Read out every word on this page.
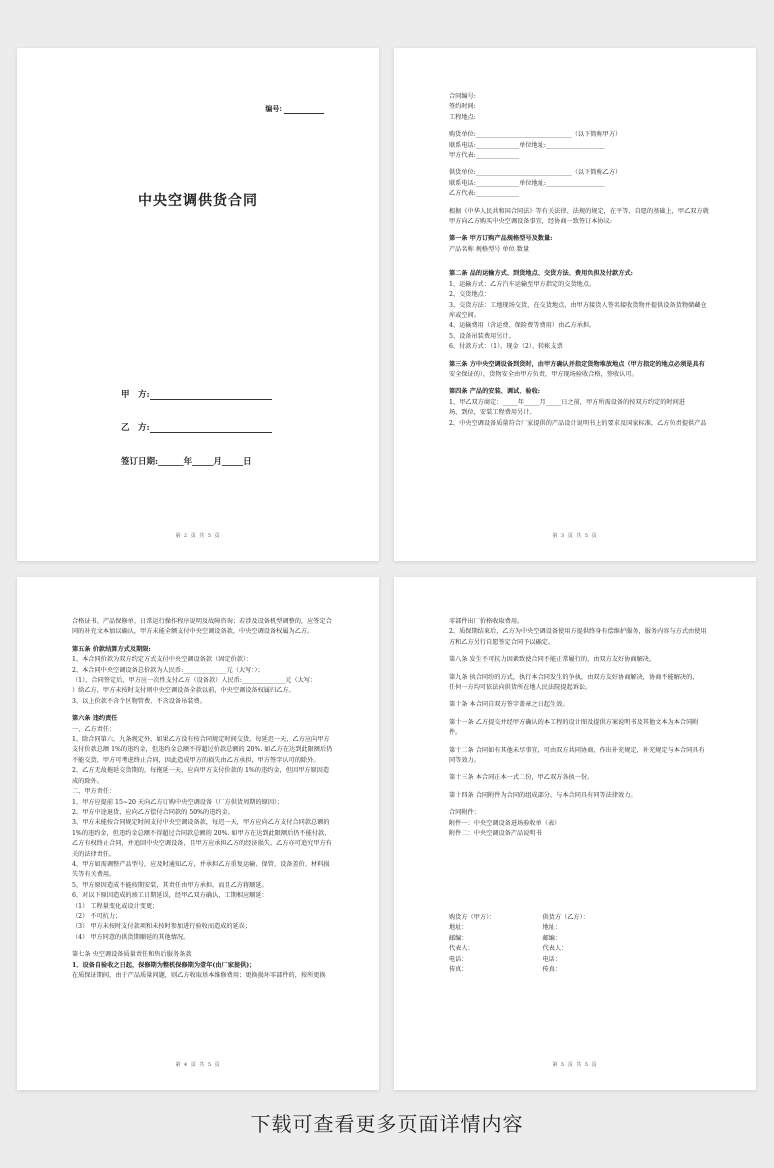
编号:
中央空调供货合同
甲　方:
乙　方:
签订日期:______年_____月_____日
第 2 页 共 5 页
合同编号:
签约时间:
工程地点:
购货单位:_______________________________（以下简称甲方）
联系电话:______________单位地址:___________________
甲方代表:______________
供货单位:_______________________________（以下简称乙方）
联系电话:______________单位地址:___________________
乙方代表:______________
根据《中华人民共和国合同法》等有关法律、法规的规定，在平等、自愿的基础上，甲乙双方就
甲方向乙方购买中央空调设备事宜，经协商一致签订本协议:
第一条 甲方订购产品规格型号及数量:
产品名称 规格型号 单位 数量
第二条 品的运输方式、到货地点、交货方法、费用负担及付款方式:
1、运输方式：乙方汽车运输至甲方指定的交货地点。
2、交货地点：
3、交货方法：工地现场交货，在交货地点，由甲方接货人签名接收货物并提供设备货物储藏仓
库或空间。
4、运输费用（含运费、保险费等费用）由乙方承担。
5、设备吊装费用另计。
6、付款方式：（1）、现金（2）、转帐支票
第三条 方中央空调设备到货时，由甲方确认并指定货物堆放地点（甲方指定的地点必须是具有
安全保证的），货物安全由甲方负责，甲方现场验收合格，签收认可。
第四条 产品的安装、调试、验收:
1、甲乙双方商定：_____年_____月_____日之前，甲方所需设备的按双方约定的时间进
场、到位，安装工程费用另计。
2、中央空调设备质量符合厂家提供的产品设计说明书上的要求及国家标准，乙方负责提供产品
第 3 页 共 5 页
合格证书、产品保修单、日常运行操作程序说明及故障咨询；若涉及设备机型调整的，应签定合
同的补充文本加以确认，甲方未能全额支付中央空调设备款，中央空调设备权属为乙方。
第五条 价款结算方式及期限:
1、本合同价款为双方约定方式支付中央空调设备款（固定价款）：
2、本合同中央空调设备总价款为人民币:______________元（大写：）；
（1）、合同签定后，甲方应一次性支付乙方（设备款）人民币:______________元（大写：
）给乙方，甲方未按时支付则中央空调设备全款以前，中央空调设备权属归乙方。
3、以上价款不含个区物管费、不含设备吊装费。
第六条 违约责任
一、乙方责任：
1、除合同第六、九条规定外，如果乙方没有按合同规定时间交货，每延迟一天，乙方应向甲方
支付价款总额 1%的违约金，但违约金总额不得超过价款总额的 20%. 如乙方在达到此限额后仍
不能交货，甲方可考虑终止合同，因此造成甲方的损失由乙方承担，甲方签字认可的除外。
2、乙方无故拖延交货期的，每拖延一天，应向甲方支付价款的 1%的违约金，但因甲方原因造
成的除外。
二、甲方责任：
1、甲方应提前 15~20 天向乙方订购中央空调设备（厂方供货周期的原因）；
2、甲方中途退货，应向乙方偿付合同款的 50%的违约金。
3、甲方未能按合同规定时间支付中央空调设备款，每迟一天，甲方应向乙方支付合同款总额的
1%的违约金，但违约金总额不得超过合同款总额的 20%. 如甲方在达到此限额后仍不能付款，
乙方有权终止合同，并追回中央空调设备，且甲方应承担乙方的经济损失。乙方亦可追究甲方有
关的法律责任。
4、甲方如需调整产品型号，应及时通知乙方，并承担乙方重复运输、保管、设备差价、材料损
失等有关费用。
5、甲方原因造成不能按期安装，其责任由甲方承担，而且乙方将顺延。
6、对以下原因造成的竣工日期延误，经甲乙双方确认，工期相应顺延：
（1） 工程量变化或设计变更；
（2） 不可抗力；
（3） 甲方未按时支付款项和未按时参加进行验收而造成的延误；
（4） 甲方同意的供货期顺延的其他情况。
第七条 央空调设备质量责任和售后服务条款
1、设备自验收之日起，保修期为整机保修期为壹年(由厂家提供)；
在质保证期间，由于产品质量问题，则乙方收取基本维修费用；更换损坏零部件的，按所更换
第 4 页 共 5 页
零部件出厂价格收取费用。
2、质保期结束后，乙方为中央空调设备使用方提供终身有偿维护服务，服务内容与方式由使用
方和乙方另行自愿签定合同予以确定。
第八条 发生不可抗力因素致使合同不能正常履行的，由双方友好协商解决。
第九条 执合同纷的方式，执行本合同发生的争执，由双方友好协商解决，协商不能解决的，
任何一方均可依法向供货所在地人民法院提起诉讼。
第十条 本合同自双方签字盖章之日起生效。
第十一条 乙方提交并经甲方确认的本工程的设计图及提供方案说明书及其他文本为本合同附
件。
第十二条 合同如有其他未尽事宜，可由双方共同协商，作出补充规定，补充规定与本合同具有
同等效力。
第十三条 本合同正本一式二份，甲乙双方各执一份。
第十四条 合同附件为合同的组成部分，与本合同具有同等法律效力。
合同附件：
附件一：中央空调设备进场验收单（表）
附件二：中央空调设备产品说明书
购货方（甲方）：	供货方（乙方）：
地址：	地址：
邮编：	邮编：
代表人：	代表人：
电话：	电话：
传真：	传真：
第 5 页 共 5 页
下载可查看更多页面详情内容
